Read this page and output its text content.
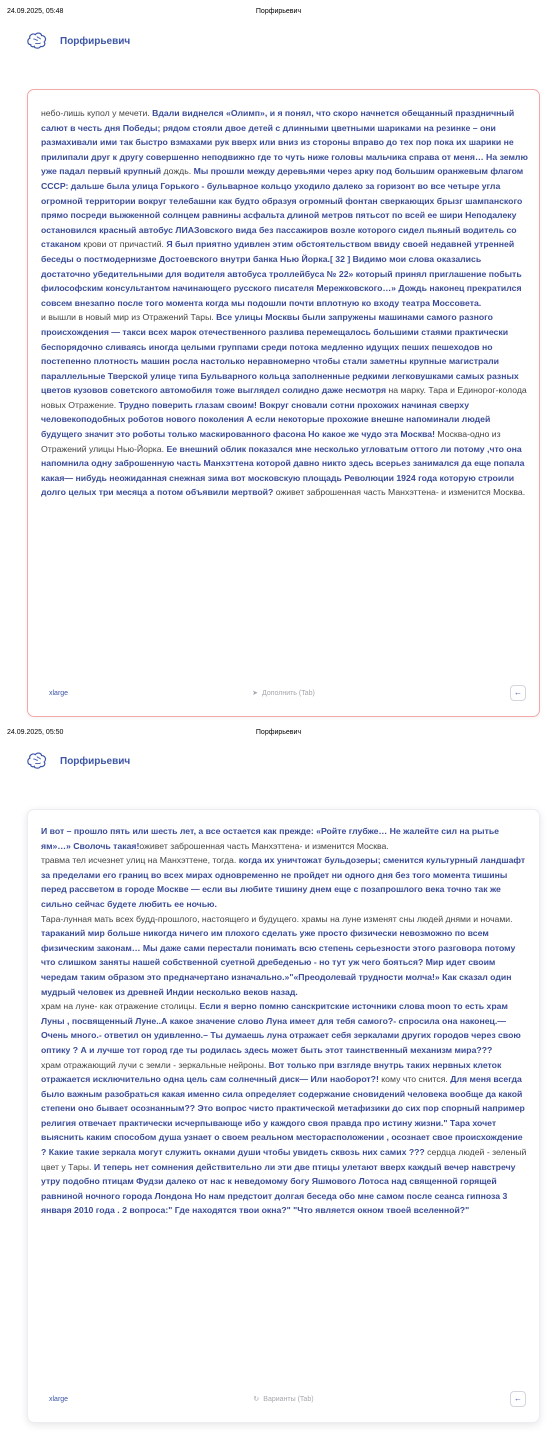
24.09.2025, 05:48	Порфирьевич
Порфирьевич
небо-лишь купол у мечети. Вдали виднелся «Олимп», и я понял, что скоро начнется обещанный праздничный салют в честь дня Победы; рядом стояли двое детей с длинными цветными шариками на резинке – они размахивали ими так быстро взмахами рук вверх или вниз из стороны вправо до тех пор пока их шарики не прилипали друг к другу совершенно неподвижно где то чуть ниже головы мальчика справа от меня… На землю уже падал первый крупный дождь. Мы прошли между деревьями через арку под большим оранжевым флагом СССР: дальше была улица Горького - бульварное кольцо уходило далеко за горизонт во все четыре угла огромной территории вокруг телебашни как будто образуя огромный фонтан сверкающих брызг шампанского прямо посреди выжженной солнцем равнины асфальта длиной метров пятьсот по всей ее шири Неподалеку остановился красный автобус ЛИАЗовского вида без пассажиров возле которого сидел пьяный водитель со стаканом крови от причастий. Я был приятно удивлен этим обстоятельством ввиду своей недавней утренней беседы о постмодернизме Достоевского внутри банка Нью Йорка.[ 32 ] Видимо мои слова оказались достаточно убедительными для водителя автобуса троллейбуса № 22» который принял приглашение побыть философским консультантом начинающего русского писателя Мережковского…» Дождь наконец прекратился совсем внезапно после того момента когда мы подошли почти вплотную ко входу театра Моссовета.
и вышли в новый мир из Отражений Тары. Все улицы Москвы были запружены машинами самого разного происхождения — такси всех марок отечественного разлива перемещалось большими стаями практически беспорядочно сливаясь иногда целыми группами среди потока медленно идущих пеших пешеходов но постепенно плотность машин росла настолько неравномерно чтобы стали заметны крупные магистрали параллельные Тверской улице типа Бульварного кольца заполненные редкими легковушками самых разных цветов кузовов советского автомобиля тоже выглядел солидно даже несмотря на марку. Тара и Единорог-колода новых Отражение. Трудно поверить глазам своим! Вокруг сновали сотни прохожих начиная сверху человекоподобных роботов нового поколения А если некоторые прохожие внешне напоминали людей будущего значит это роботы только маскированного фасона Но какое же чудо эта Москва! Москва-одно из Отражений улицы Нью-Йорка. Ее внешний облик показался мне несколько угловатым оттого ли потому ,что она напомнила одну заброшенную часть Манхэттена которой давно никто здесь всерьез занимался да еще попала какая— нибудь неожиданная снежная зима вот московскую площадь Революции 1924 года которую строили долго целых три месяца а потом объявили мертвой? оживет заброшенная часть Манхэттена- и изменится Москва.
xlarge	➤ Дополнить (Tab)	←
24.09.2025, 05:50	Порфирьевич
Порфирьевич
И вот – прошло пять или шесть лет, а все остается как прежде: «Ройте глубже… Не жалейте сил на рытье ям»…» Сволочь такая!оживет заброшенная часть Манхэттена- и изменится Москва.
травма тел исчезнет улиц на Манхэттене, тогда. когда их уничтожат бульдозеры; сменится культурный ландшафт за пределами его границ во всех мирах одновременно не пройдет ни одного дня без того момента тишины перед рассветом в городе Москве — если вы любите тишину днем еще с позапрошлого века точно так же сильно сейчас будете любить ее ночью.
Тара-лунная мать всех будд-прошлого, настоящего и будущего. храмы на луне изменят сны людей днями и ночами. тараканий мир больше никогда ничего им плохого сделать уже просто физически невозможно по всем физическим законам… Мы даже сами перестали понимать всю степень серьезности этого разговора потому что слишком заняты нашей собственной суетной дребеденью - но тут уж чего бояться? Мир идет своим чередам таким образом это предначертано изначально.»"«Преодолевай трудности молча!» Как сказал один мудрый человек из древней Индии несколько веков назад.
храм на луне- как отражение столицы. Если я верно помню санскритские источники слова moon то есть храм Луны , посвященный Луне..А какое значение слово Луна имеет для тебя самого?- спросила она наконец.— Очень много.- ответил он удивленно.– Ты думаешь луна отражает себя зеркалами других городов через свою оптику ? А и лучше тот город где ты родилась здесь может быть этот таинственный механизм мира???
храм отражающий лучи с земли - зеркальные нейроны. Вот только при взгляде внутрь таких нервных клеток отражается исключительно одна цель сам солнечный диск— Или наоборот?! кому что снится. Для меня всегда было важным разобраться какая именно сила определяет содержание сновидений человека вообще да какой степени оно бывает осознанным?? Это вопрос чисто практической метафизики до сих пор спорный например религия отвечает практически исчерпывающе ибо у каждого своя правда про истину жизни." Тара хочет выяснить каким способом душа узнает о своем реальном месторасположении , осознает свое происхождение ? Какие такие зеркала могут служить окнами души чтобы увидеть сквозь них самих ??? сердца людей - зеленый цвет у Тары. И теперь нет сомнения действительно ли эти две птицы улетают вверх каждый вечер навстречу утру подобно птицам Фудзи далеко от нас к неведомому богу Яшмового Лотоса над священной горящей равниной ночного города Лондона Но нам предстоит долгая беседа обо мне самом после сеанса гипноза 3 января 2010 года . 2 вопроса:" Где находятся твои окна?" "Что является окном твоей вселенной?"
xlarge	↻ Варианты (Tab)	←
